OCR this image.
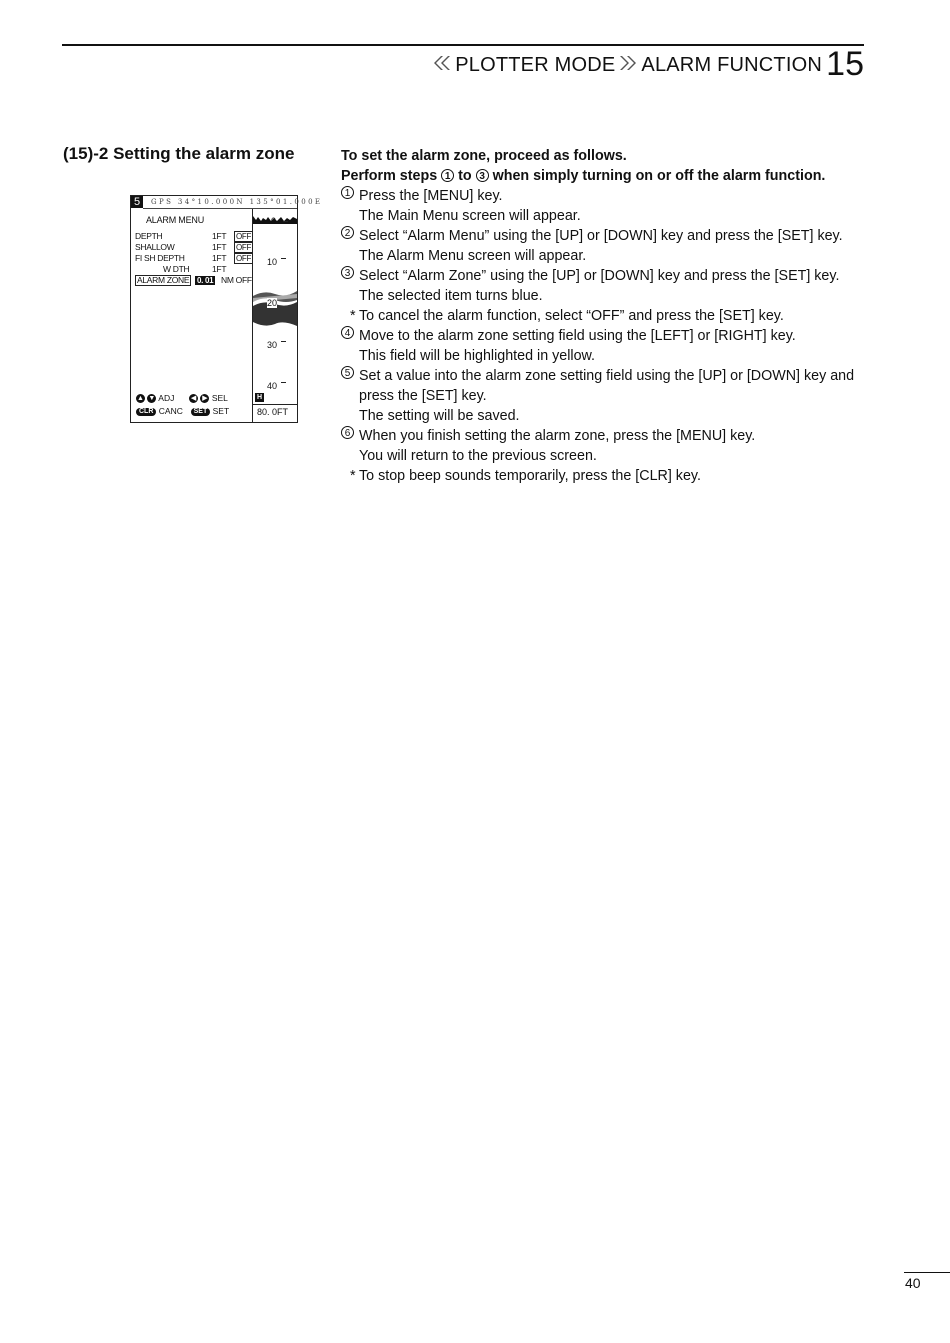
PLOTTER MODE ALARM FUNCTION 15
(15)-2 Setting the alarm zone
5	GPS 34°10.000N 135°01.000E
ALARM MENU
DEPTH	1FT OFF
SHALLOW	1FT OFF
FI SH DEPTH	1FT OFF
W DTH	1FT
ALARM ZONE 0. 01 NM OFF
0
10
20
30
40
▲ ▼ ADJ ◀ ▶ SEL
CLR CANC SET SET
H
80. 0FT
To set the alarm zone, proceed as follows.
Perform steps 1 to 3 when simply turning on or off the alarm function.
1 Press the [MENU] key.
The Main Menu screen will appear.
2 Select “Alarm Menu” using the [UP] or [DOWN] key and press the [SET] key.
The Alarm Menu screen will appear.
3 Select “Alarm Zone” using the [UP] or [DOWN] key and press the [SET] key.
The selected item turns blue.
* To cancel the alarm function, select “OFF” and press the [SET] key.
4 Move to the alarm zone setting field using the [LEFT] or [RIGHT] key.
This field will be highlighted in yellow.
5 Set a value into the alarm zone setting field using the [UP] or [DOWN] key and press the [SET] key.
The setting will be saved.
6 When you finish setting the alarm zone, press the [MENU] key.
You will return to the previous screen.
* To stop beep sounds temporarily, press the [CLR] key.
40
